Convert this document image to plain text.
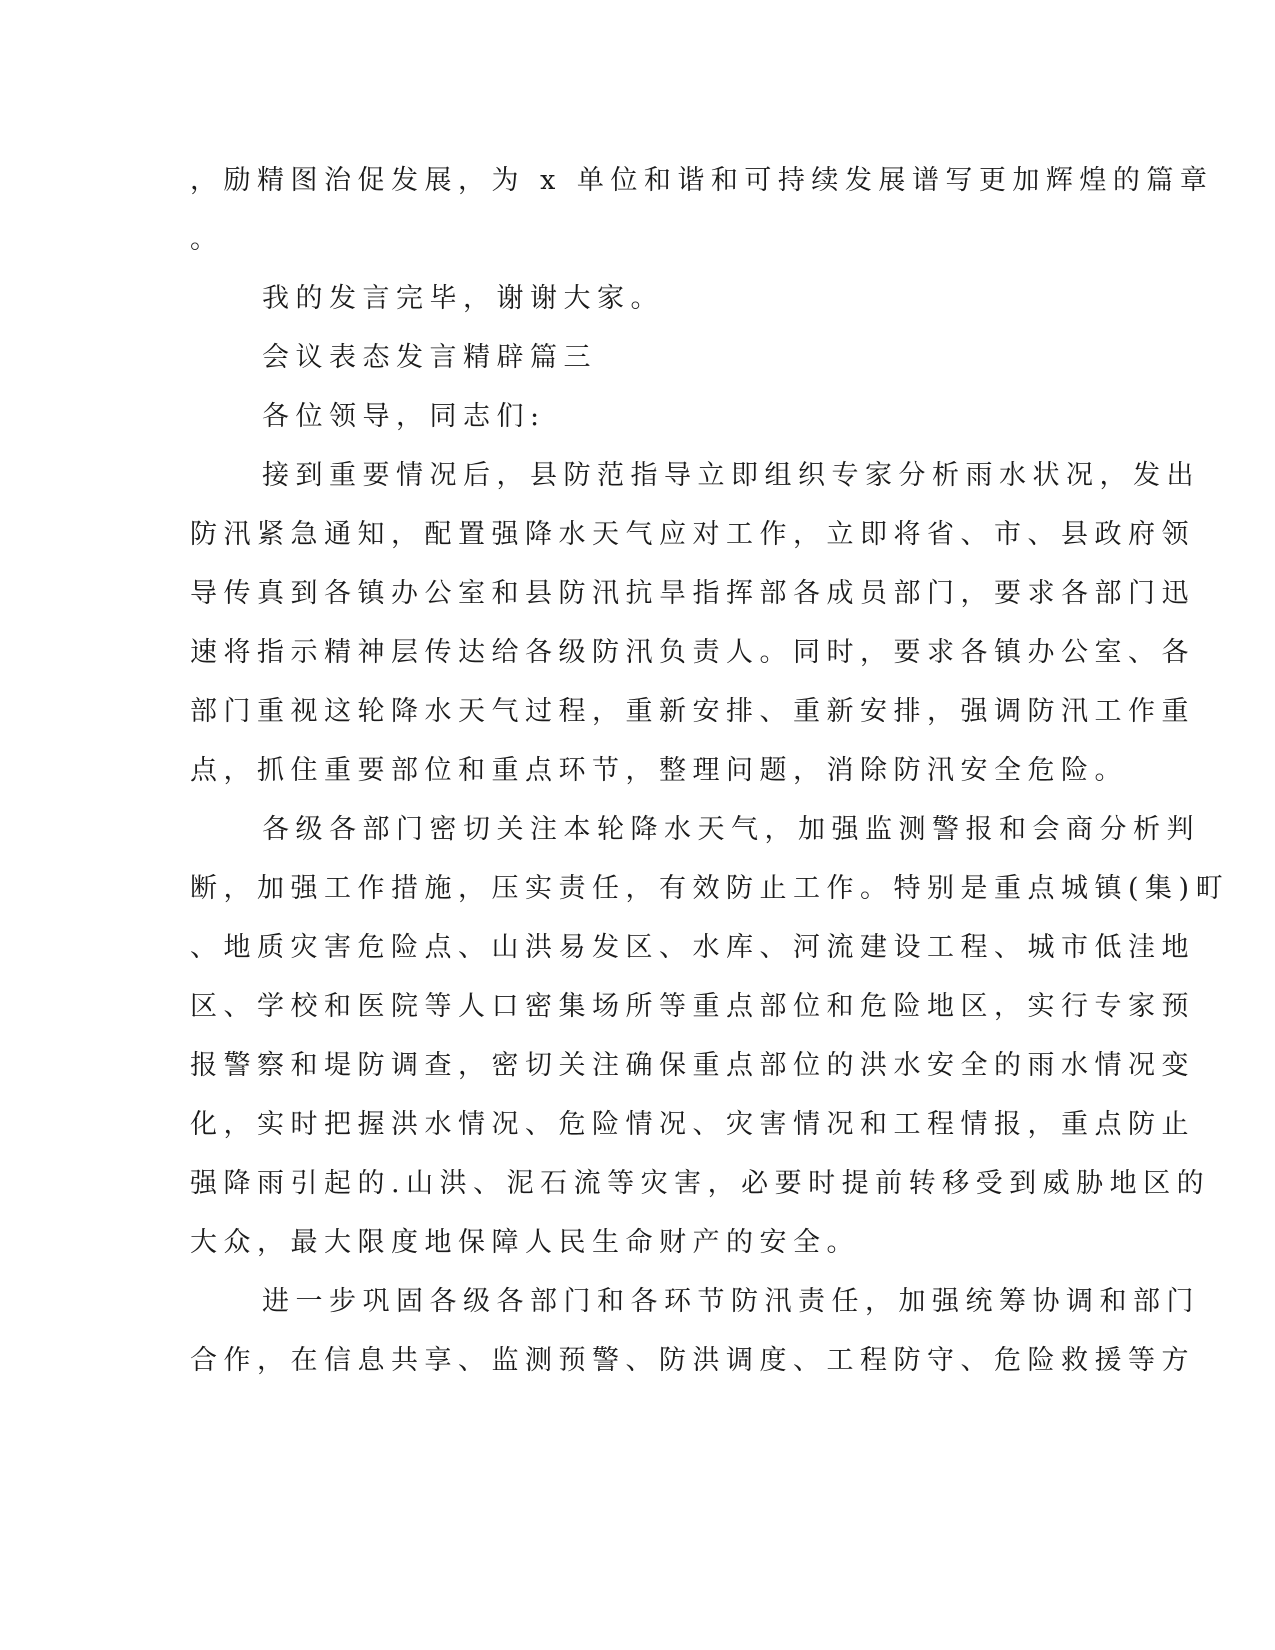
，励精图治促发展，为 x 单位和谐和可持续发展谱写更加辉煌的篇章
。
我的发言完毕，谢谢大家。
会议表态发言精辟篇三
各位领导，同志们:
接到重要情况后，县防范指导立即组织专家分析雨水状况，发出
防汛紧急通知，配置强降水天气应对工作，立即将省、市、县政府领
导传真到各镇办公室和县防汛抗旱指挥部各成员部门，要求各部门迅
速将指示精神层传达给各级防汛负责人。同时，要求各镇办公室、各
部门重视这轮降水天气过程，重新安排、重新安排，强调防汛工作重
点，抓住重要部位和重点环节，整理问题，消除防汛安全危险。
各级各部门密切关注本轮降水天气，加强监测警报和会商分析判
断，加强工作措施，压实责任，有效防止工作。特别是重点城镇(集)町
、地质灾害危险点、山洪易发区、水库、河流建设工程、城市低洼地
区、学校和医院等人口密集场所等重点部位和危险地区，实行专家预
报警察和堤防调查，密切关注确保重点部位的洪水安全的雨水情况变
化，实时把握洪水情况、危险情况、灾害情况和工程情报，重点防止
强降雨引起的.山洪、泥石流等灾害，必要时提前转移受到威胁地区的
大众，最大限度地保障人民生命财产的安全。
进一步巩固各级各部门和各环节防汛责任，加强统筹协调和部门
合作，在信息共享、监测预警、防洪调度、工程防守、危险救援等方
